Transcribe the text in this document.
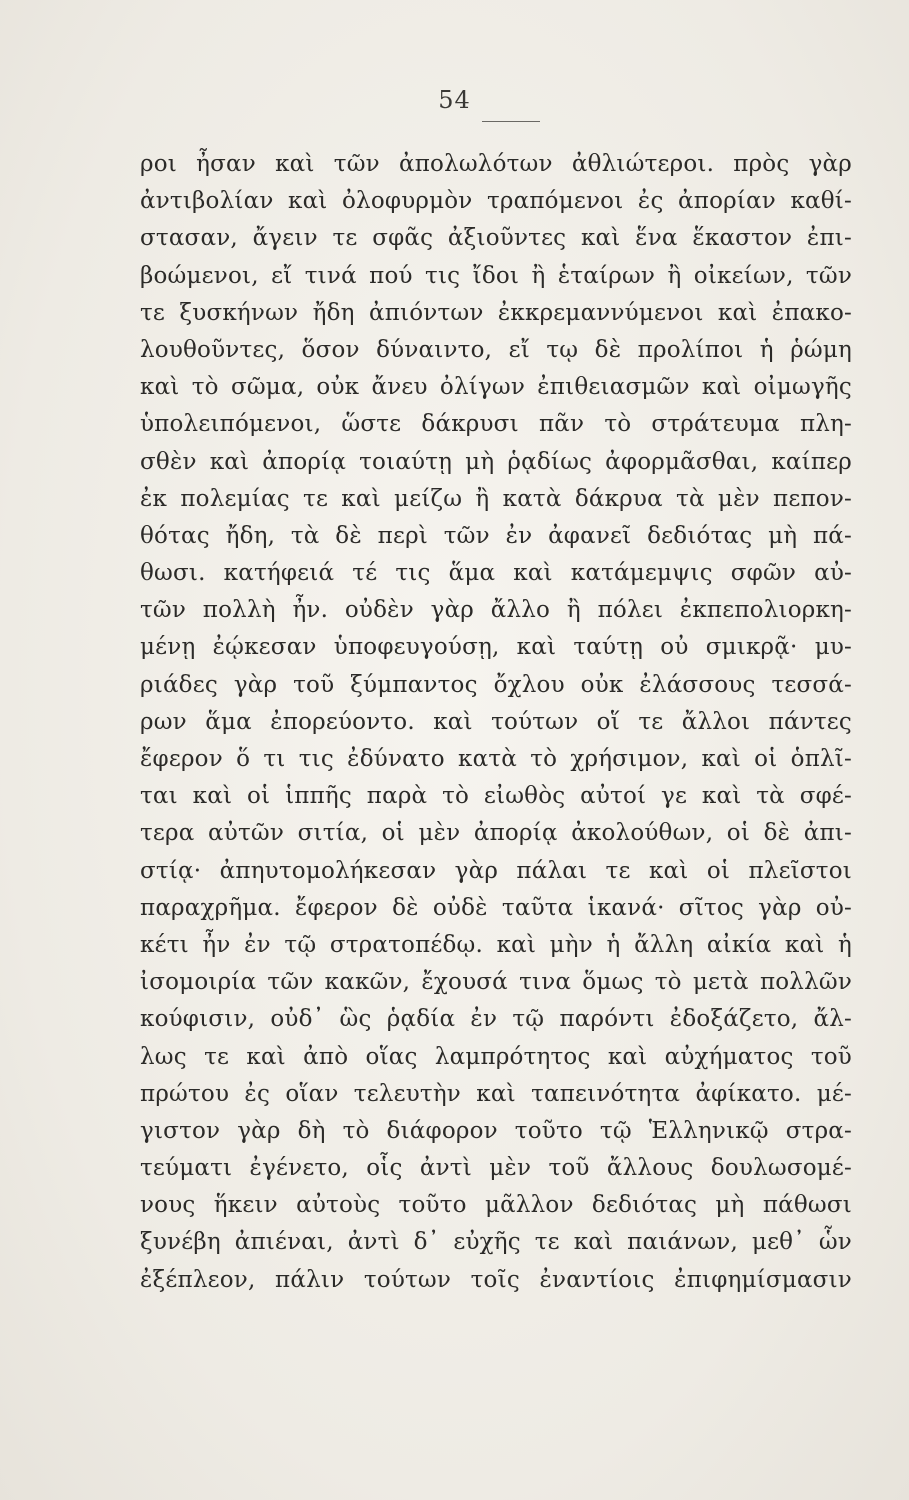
54
ροι ἦσαν καὶ τῶν ἀπολωλότων ἀθλιώτεροι. πρὸς γὰρ
ἀντιβολίαν καὶ ὀλοφυρμὸν τραπόμενοι ἐς ἀπορίαν καθί-
στασαν, ἄγειν τε σφᾶς ἀξιοῦντες καὶ ἕνα ἕκαστον ἐπι-
βοώμενοι, εἴ τινά πού τις ἴδοι ἢ ἑταίρων ἢ οἰκείων, τῶν
τε ξυσκήνων ἤδη ἀπιόντων ἐκκρεμαννύμενοι καὶ ἐπακο-
λουθοῦντες, ὅσον δύναιντο, εἴ τῳ δὲ προλίποι ἡ ῥώμη
καὶ τὸ σῶμα, οὐκ ἄνευ ὀλίγων ἐπιθειασμῶν καὶ οἰμωγῆς
ὑπολειπόμενοι, ὥστε δάκρυσι πᾶν τὸ στράτευμα πλη-
σθὲν καὶ ἀπορίᾳ τοιαύτῃ μὴ ῥᾳδίως ἀφορμᾶσθαι, καίπερ
ἐκ πολεμίας τε καὶ μείζω ἢ κατὰ δάκρυα τὰ μὲν πεπον-
θότας ἤδη, τὰ δὲ περὶ τῶν ἐν ἀφανεῖ δεδιότας μὴ πά-
θωσι. κατήφειά τέ τις ἅμα καὶ κατάμεμψις σφῶν αὐ-
τῶν πολλὴ ἦν. οὐδὲν γὰρ ἄλλο ἢ πόλει ἐκπεπολιορκη-
μένῃ ἐῴκεσαν ὑποφευγούσῃ, καὶ ταύτῃ οὐ σμικρᾷ· μυ-
ριάδες γὰρ τοῦ ξύμπαντος ὄχλου οὐκ ἐλάσσους τεσσά-
ρων ἅμα ἐπορεύοντο. καὶ τούτων οἵ τε ἄλλοι πάντες
ἔφερον ὅ τι τις ἐδύνατο κατὰ τὸ χρήσιμον, καὶ οἱ ὁπλῖ-
ται καὶ οἱ ἱππῆς παρὰ τὸ εἰωθὸς αὐτοί γε καὶ τὰ σφέ-
τερα αὐτῶν σιτία, οἱ μὲν ἀπορίᾳ ἀκολούθων, οἱ δὲ ἀπι-
στίᾳ· ἀπηυτομολήκεσαν γὰρ πάλαι τε καὶ οἱ πλεῖστοι
παραχρῆμα. ἔφερον δὲ οὐδὲ ταῦτα ἱκανά· σῖτος γὰρ οὐ-
κέτι ἦν ἐν τῷ στρατοπέδῳ. καὶ μὴν ἡ ἄλλη αἰκία καὶ ἡ
ἰσομοιρία τῶν κακῶν, ἔχουσά τινα ὅμως τὸ μετὰ πολλῶν
κούφισιν, οὐδ᾽ ὣς ῥᾳδία ἐν τῷ παρόντι ἐδοξάζετο, ἄλ-
λως τε καὶ ἀπὸ οἵας λαμπρότητος καὶ αὐχήματος τοῦ
πρώτου ἐς οἵαν τελευτὴν καὶ ταπεινότητα ἀφίκατο. μέ-
γιστον γὰρ δὴ τὸ διάφορον τοῦτο τῷ Ἑλληνικῷ στρα-
τεύματι ἐγένετο, οἷς ἀντὶ μὲν τοῦ ἄλλους δουλωσομέ-
νους ἥκειν αὐτοὺς τοῦτο μᾶλλον δεδιότας μὴ πάθωσι
ξυνέβη ἀπιέναι, ἀντὶ δ᾽ εὐχῆς τε καὶ παιάνων, μεθ᾽ ὧν
ἐξέπλεον, πάλιν τούτων τοῖς ἐναντίοις ἐπιφημίσμασιν
